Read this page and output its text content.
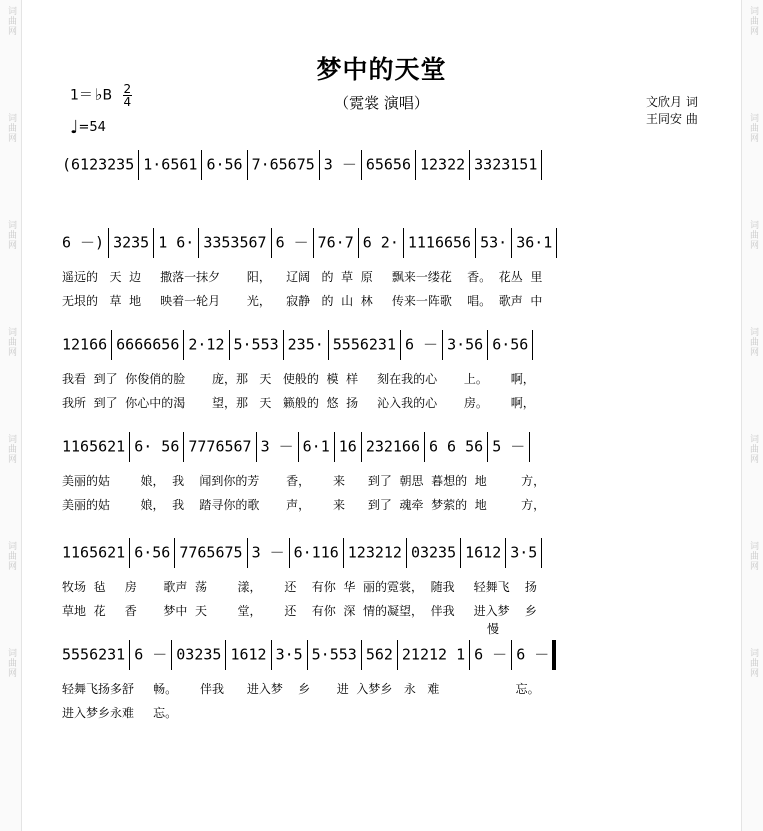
词曲网
词曲网
词曲网
词曲网
词曲网
词曲网
词曲网
词曲网
词曲网
词曲网
词曲网
词曲网
词曲网
词曲网
梦中的天堂
（霓裳 演唱）
1＝ ♭B $\frac{2}{4}$
♩ =54
文欣月 词
王同安 曲
(6123235 1·6561 6·56 7·65675 3 － 65656 12322 3323151
6 －) 3235 1 6· 3353567 6 － 76·7 6 2· 1116656 53· 36·1
遥远的   天  边     撒落一抹夕       阳，    辽阔   的  草  原     飘来一缕花    香。  花丛  里
无垠的   草  地     映着一轮月       光，    寂静   的  山  林     传来一阵歌    唱。  歌声  中
12166 6666656 2·12 5·553 235· 5556231 6 － 3·56 6·56
我看  到了  你俊俏的脸       庞，那   天   使般的  模  样     刻在我的心       上。      啊，
我所  到了  你心中的渴       望，那   天   籁般的  悠  扬     沁入我的心       房。      啊，
1165621 6· 56 7776567 3 － 6·1 16 232166 6 6 56 5 －
美丽的姑        娘，  我    闻到你的芳       香，      来      到了  朝思  暮想的  地         方，
美丽的姑        娘，  我    踏寻你的歌       声，      来      到了  魂牵  梦萦的  地         方，
1165621 6·56 7765675 3 － 6·116 123212 03235 1612 3·5
牧场  毡     房       歌声  荡        漾，      还    有你  华  丽的霓裳，  随我     轻舞飞    扬
草地  花     香       梦中  天        堂，      还    有你  深  情的凝望，  伴我     进入梦    乡
5556231 6 － 03235 1612 3·5 5·553 562 21212 1 6 － 6 －
轻舞飞扬多舒     畅。      伴我      进入梦    乡       进  入梦乡   永   难                    忘。
进入梦乡永难     忘。
慢
